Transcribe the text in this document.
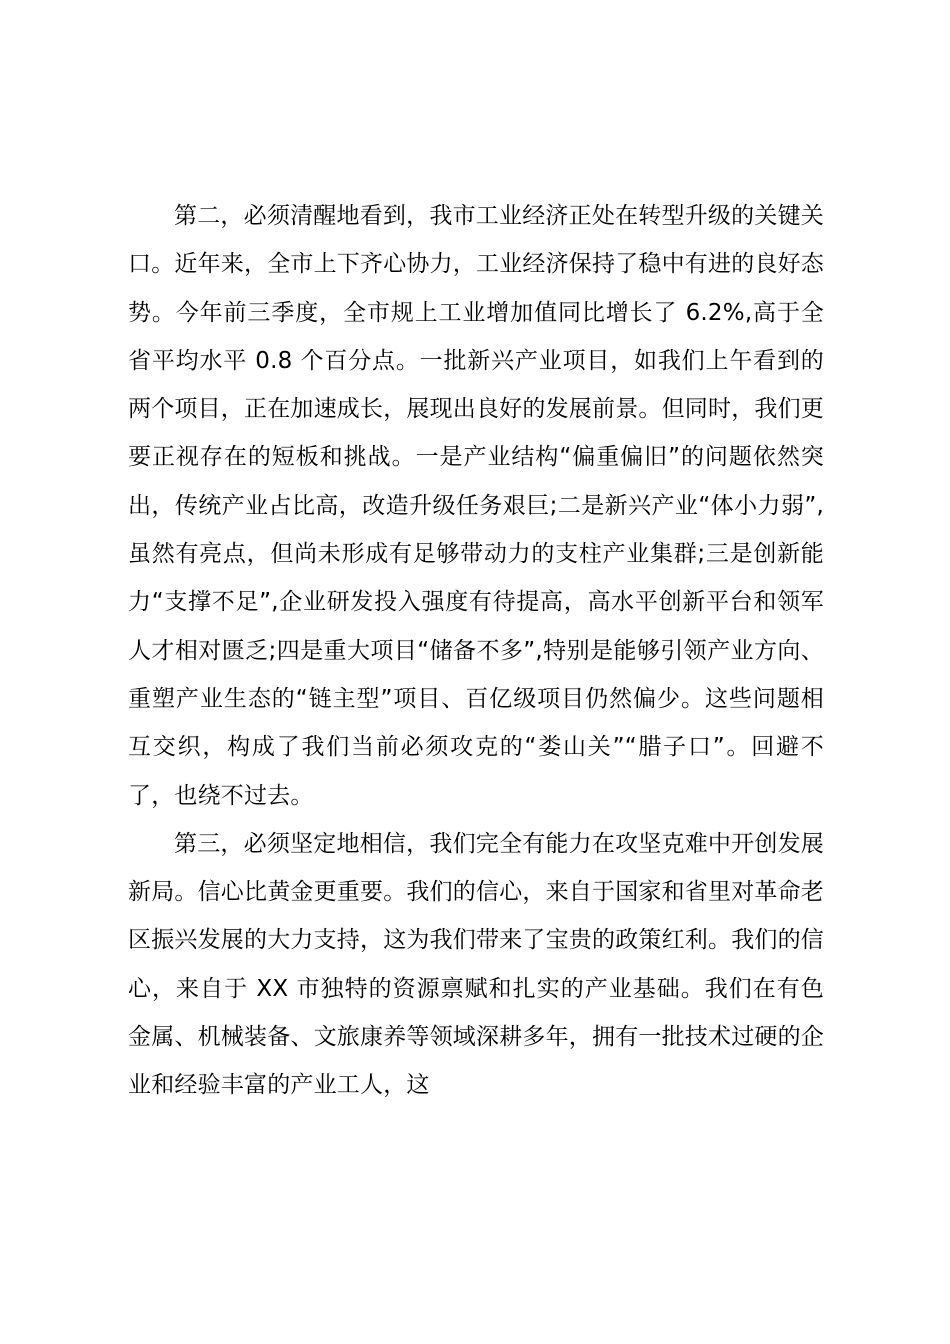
第二，必须清醒地看到，我市工业经济正处在转型升级的关键关口。近年来，全市上下齐心协力，工业经济保持了稳中有进的良好态势。今年前三季度，全市规上工业增加值同比增长了 6.2%,高于全省平均水平 0.8 个百分点。一批新兴产业项目，如我们上午看到的两个项目，正在加速成长，展现出良好的发展前景。但同时，我们更要正视存在的短板和挑战。一是产业结构“偏重偏旧”的问题依然突出，传统产业占比高，改造升级任务艰巨;二是新兴产业“体小力弱”,虽然有亮点，但尚未形成有足够带动力的支柱产业集群;三是创新能力“支撑不足”,企业研发投入强度有待提高，高水平创新平台和领军人才相对匮乏;四是重大项目“储备不多”,特别是能够引领产业方向、重塑产业生态的“链主型”项目、百亿级项目仍然偏少。这些问题相互交织，构成了我们当前必须攻克的“娄山关”“腊子口”。回避不了，也绕不过去。

第三，必须坚定地相信，我们完全有能力在攻坚克难中开创发展新局。信心比黄金更重要。我们的信心，来自于国家和省里对革命老区振兴发展的大力支持，这为我们带来了宝贵的政策红利。我们的信心，来自于 XX 市独特的资源禀赋和扎实的产业基础。我们在有色金属、机械装备、文旅康养等领域深耕多年，拥有一批技术过硬的企业和经验丰富的产业工人，这
